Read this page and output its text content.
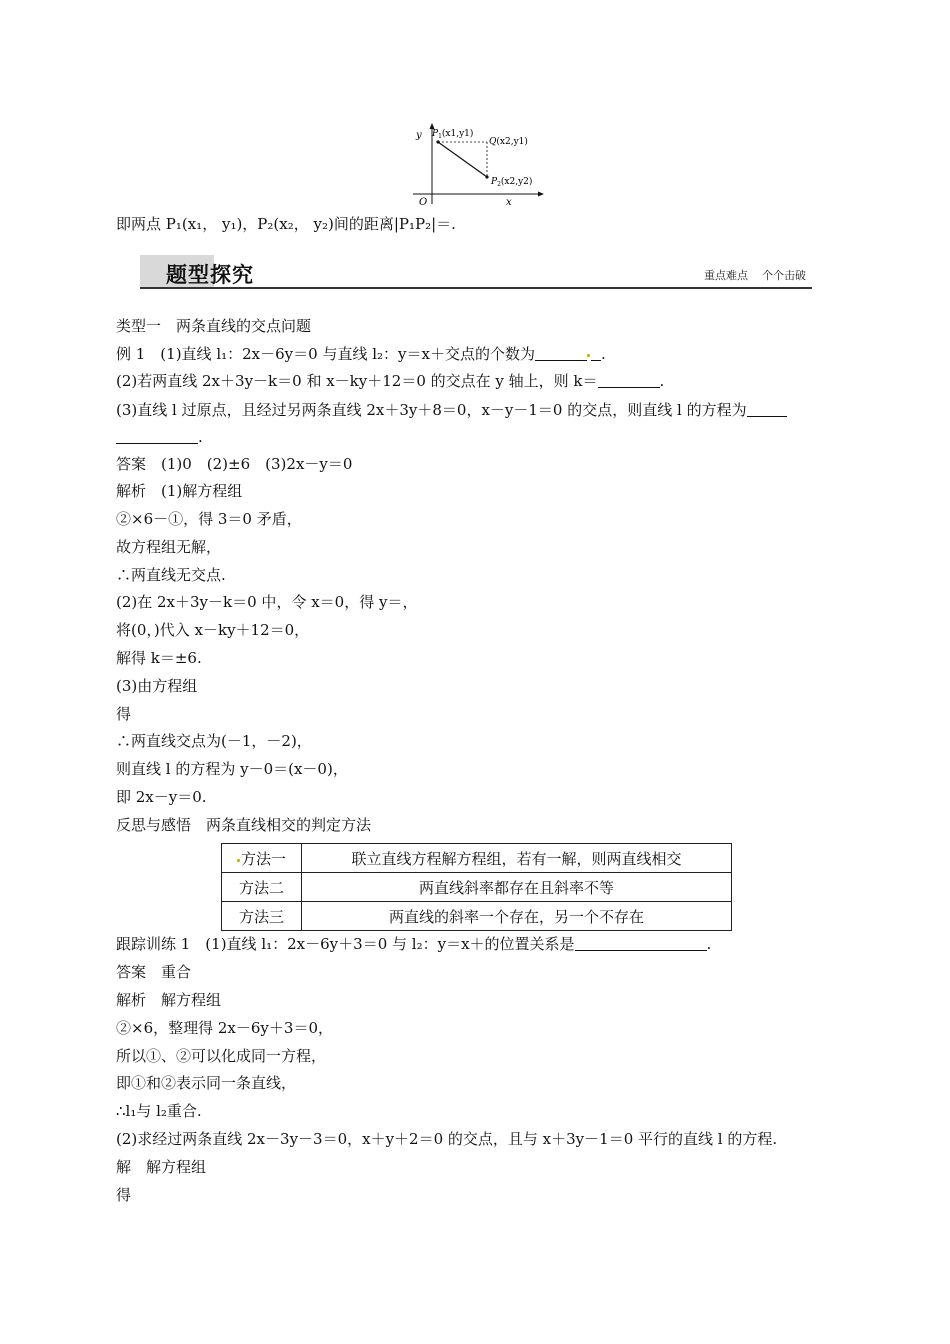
y
x
O
$P_1(x1,y1)$
Q(x2,y1)
$P_2(x2,y2)$
即两点 P₁(x₁， y₁)，P₂(x₂， y₂)间的距离|P₁P₂|＝.
题型探究	重点难点    个个击破
类型一　两条直线的交点问题
例 1　(1)直线 l₁：2x－6y＝0 与直线 l₂：y＝x＋交点的个数为	.
(2)若两直线 2x＋3y－k＝0 和 x－ky＋12＝0 的交点在 y 轴上，则 k＝	.
(3)直线 l 过原点，且经过另两条直线 2x＋3y＋8＝0，x－y－1＝0 的交点，则直线 l 的方程为
.
答案　(1)0　(2)±6　(3)2x－y＝0
解析　(1)解方程组
②×6－①，得 3＝0 矛盾，
故方程组无解，
∴两直线无交点.
(2)在 2x＋3y－k＝0 中，令 x＝0，得 y＝，
将(0，)代入 x－ky＋12＝0，
解得 k＝±6.
(3)由方程组
得
∴两直线交点为(－1，－2)，
则直线 l 的方程为 y－0＝(x－0)，
即 2x－y＝0.
反思与感悟　两条直线相交的判定方法
方法一	联立直线方程解方程组，若有一解，则两直线相交
方法二	两直线斜率都存在且斜率不等
方法三	两直线的斜率一个存在，另一个不存在
跟踪训练 1　(1)直线 l₁：2x－6y＋3＝0 与 l₂：y＝x＋的位置关系是	.
答案　重合
解析　解方程组
②×6，整理得 2x－6y＋3＝0，
所以①、②可以化成同一方程，
即①和②表示同一条直线，
∴l₁与 l₂重合.
(2)求经过两条直线 2x－3y－3＝0，x＋y＋2＝0 的交点，且与 x＋3y－1＝0 平行的直线 l 的方程.
解　解方程组
得
